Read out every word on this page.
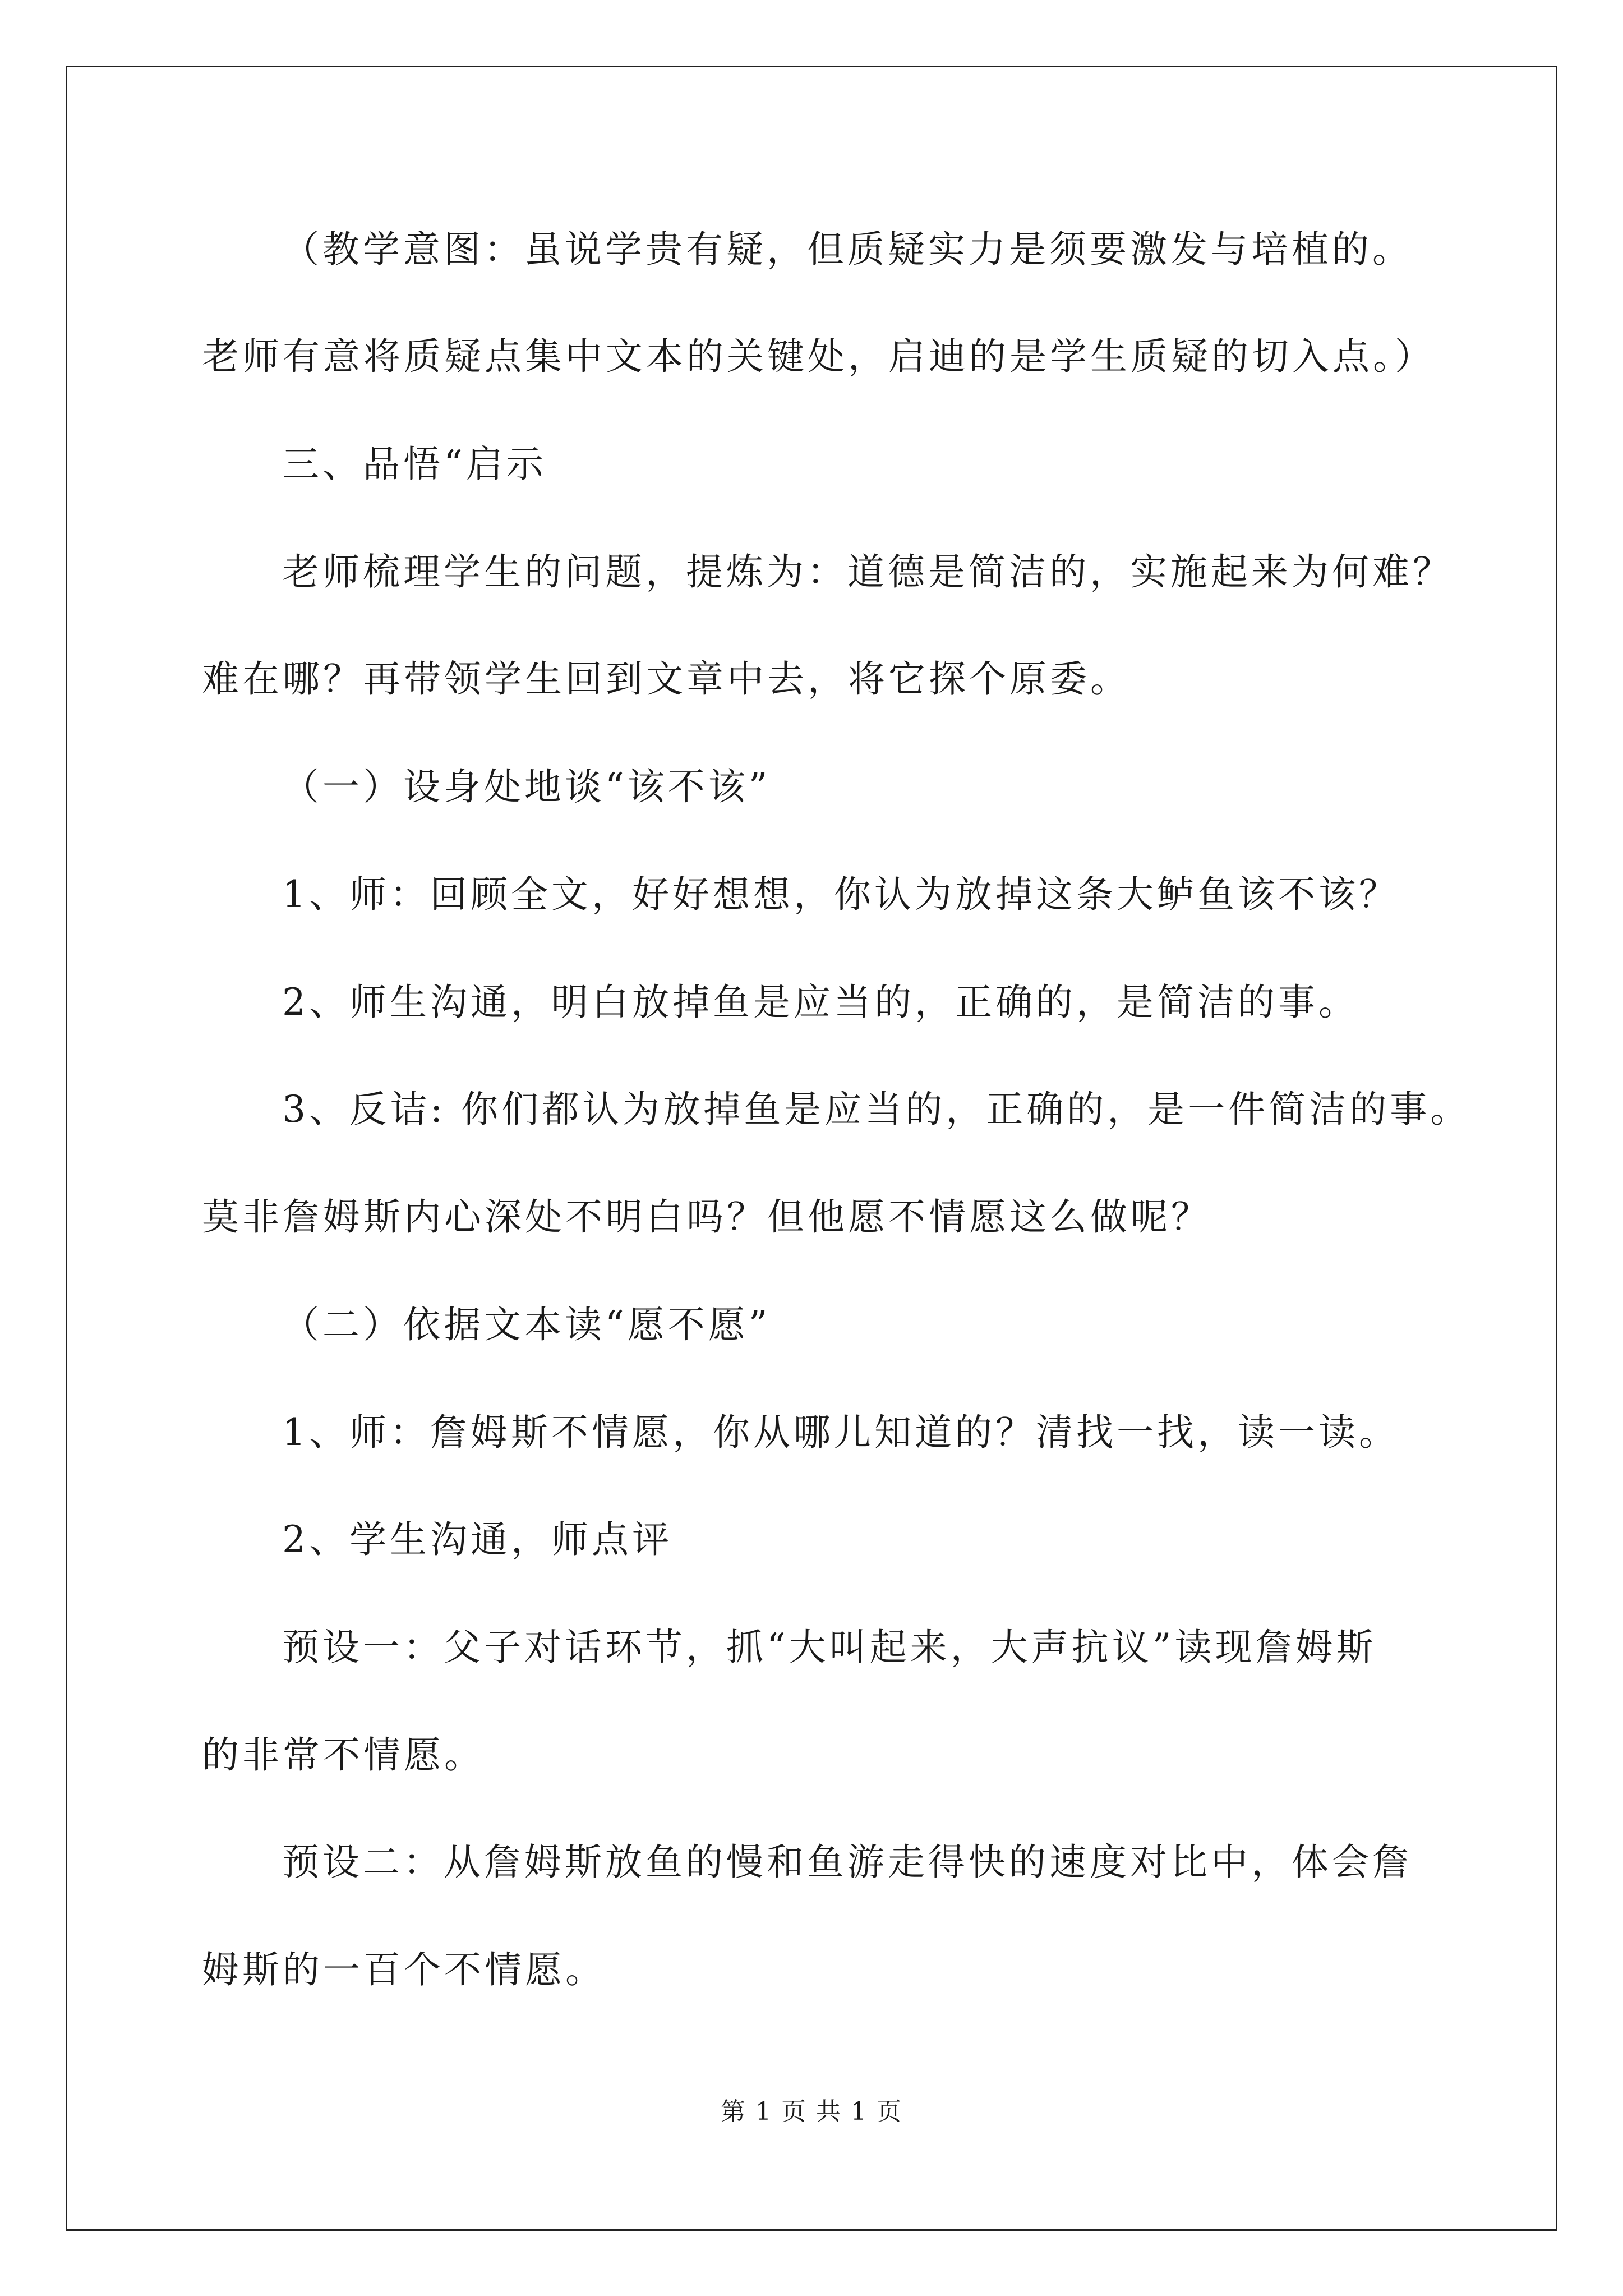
（教学意图：虽说学贵有疑，但质疑实力是须要激发与培植的。
老师有意将质疑点集中文本的关键处，启迪的是学生质疑的切入点。）
三、品悟“启示
老师梳理学生的问题，提炼为：道德是简洁的，实施起来为何难？
难在哪？再带领学生回到文章中去，将它探个原委。
（一）设身处地谈“该不该”
1、师：回顾全文，好好想想，你认为放掉这条大鲈鱼该不该？
2、师生沟通，明白放掉鱼是应当的，正确的，是简洁的事。
3、反诘: 你们都认为放掉鱼是应当的，正确的，是一件简洁的事。
莫非詹姆斯内心深处不明白吗？但他愿不情愿这么做呢？
（二）依据文本读“愿不愿”
1、师：詹姆斯不情愿，你从哪儿知道的？清找一找，读一读。
2、学生沟通，师点评
预设一：父子对话环节，抓“大叫起来，大声抗议”读现詹姆斯
的非常不情愿。
预设二：从詹姆斯放鱼的慢和鱼游走得快的速度对比中，体会詹
姆斯的一百个不情愿。
第 1 页 共 1 页
